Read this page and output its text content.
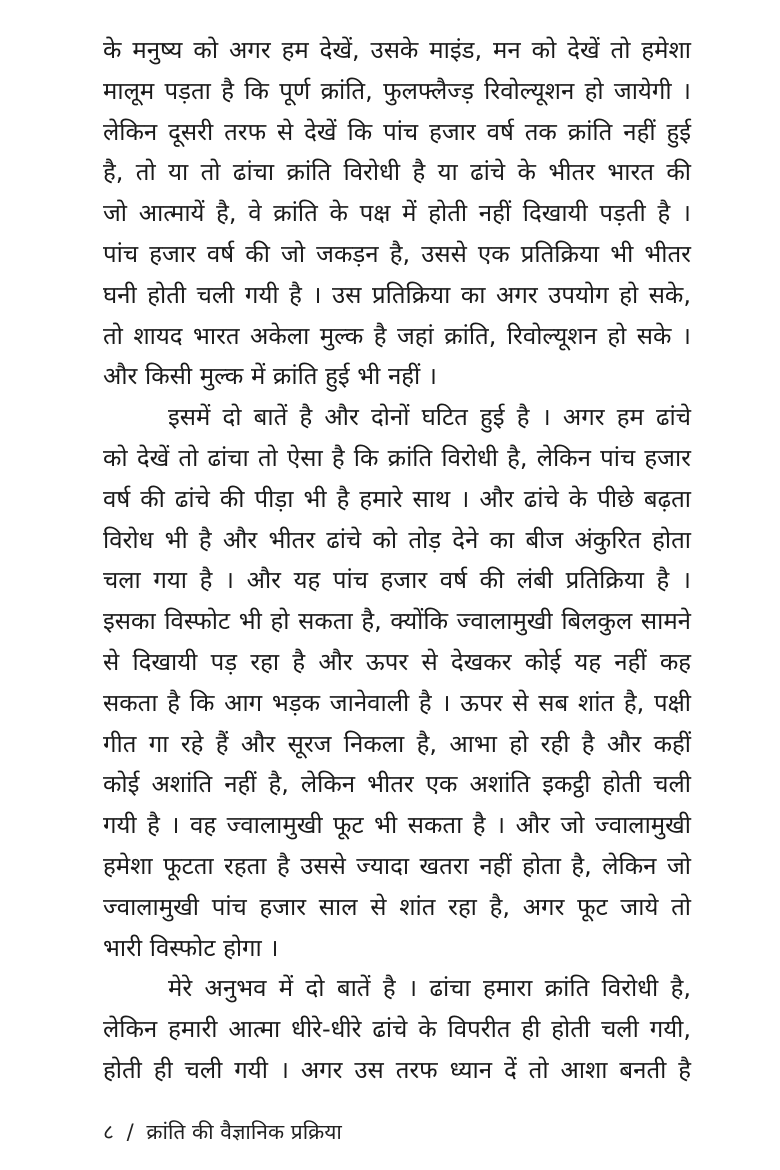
के मनुष्य को अगर हम देखें, उसके माइंड, मन को देखें तो हमेशा
मालूम पड़ता है कि पूर्ण क्रांति, फुलफ्लैज्ड़ रिवोल्यूशन हो जायेगी ।
लेकिन दूसरी तरफ से देखें कि पांच हजार वर्ष तक क्रांति नहीं हुई
है, तो या तो ढांचा क्रांति विरोधी है या ढांचे के भीतर भारत की
जो आत्मायें है, वे क्रांति के पक्ष में होती नहीं दिखायी पड़ती है ।
पांच हजार वर्ष की जो जकड़न है, उससे एक प्रतिक्रिया भी भीतर
घनी होती चली गयी है । उस प्रतिक्रिया का अगर उपयोग हो सके,
तो शायद भारत अकेला मुल्क है जहां क्रांति, रिवोल्यूशन हो सके ।
और किसी मुल्क में क्रांति हुई भी नहीं ।
इसमें दो बातें है और दोनों घटित हुई है । अगर हम ढांचे
को देखें तो ढांचा तो ऐसा है कि क्रांति विरोधी है, लेकिन पांच हजार
वर्ष की ढांचे की पीड़ा भी है हमारे साथ । और ढांचे के पीछे बढ़ता
विरोध भी है और भीतर ढांचे को तोड़ देने का बीज अंकुरित होता
चला गया है । और यह पांच हजार वर्ष की लंबी प्रतिक्रिया है ।
इसका विस्फोट भी हो सकता है, क्योंकि ज्वालामुखी बिलकुल सामने
से दिखायी पड़ रहा है और ऊपर से देखकर कोई यह नहीं कह
सकता है कि आग भड़क जानेवाली है । ऊपर से सब शांत है, पक्षी
गीत गा रहे हैं और सूरज निकला है, आभा हो रही है और कहीं
कोई अशांति नहीं है, लेकिन भीतर एक अशांति इकट्ठी होती चली
गयी है । वह ज्वालामुखी फूट भी सकता है । और जो ज्वालामुखी
हमेशा फूटता रहता है उससे ज्यादा खतरा नहीं होता है, लेकिन जो
ज्वालामुखी पांच हजार साल से शांत रहा है, अगर फूट जाये तो
भारी विस्फोट होगा ।
मेरे अनुभव में दो बातें है । ढांचा हमारा क्रांति विरोधी है,
लेकिन हमारी आत्मा धीरे-धीरे ढांचे के विपरीत ही होती चली गयी,
होती ही चली गयी । अगर उस तरफ ध्यान दें तो आशा बनती है
८ / क्रांति की वैज्ञानिक प्रक्रिया
